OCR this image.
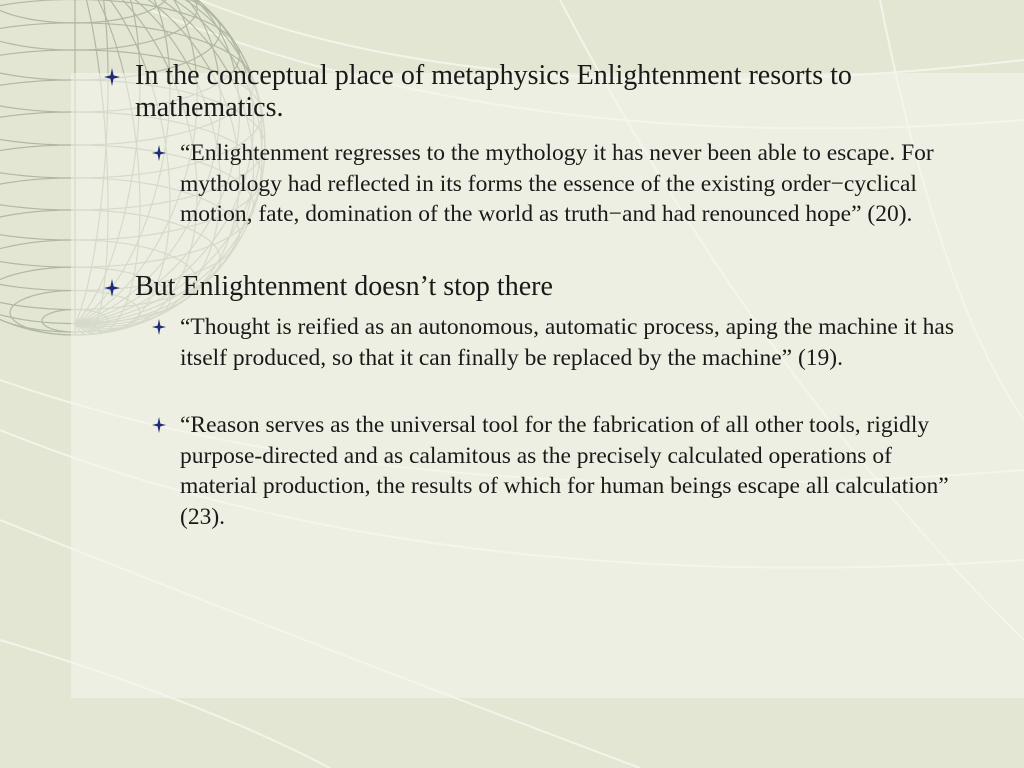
In the conceptual place of metaphysics Enlightenment resorts to mathematics.
“Enlightenment regresses to the mythology it has never been able to escape. For mythology had reflected in its forms the essence of the existing order−cyclical motion, fate, domination of the world as truth−and had renounced hope” (20).
But Enlightenment doesn’t stop there
“Thought is reified as an autonomous, automatic process, aping the machine it has itself produced, so that it can finally be replaced by the machine” (19).
“Reason serves as the universal tool for the fabrication of all other tools, rigidly purpose-directed and as calamitous as the precisely calculated operations of material production, the results of which for human beings escape all calculation” (23).
